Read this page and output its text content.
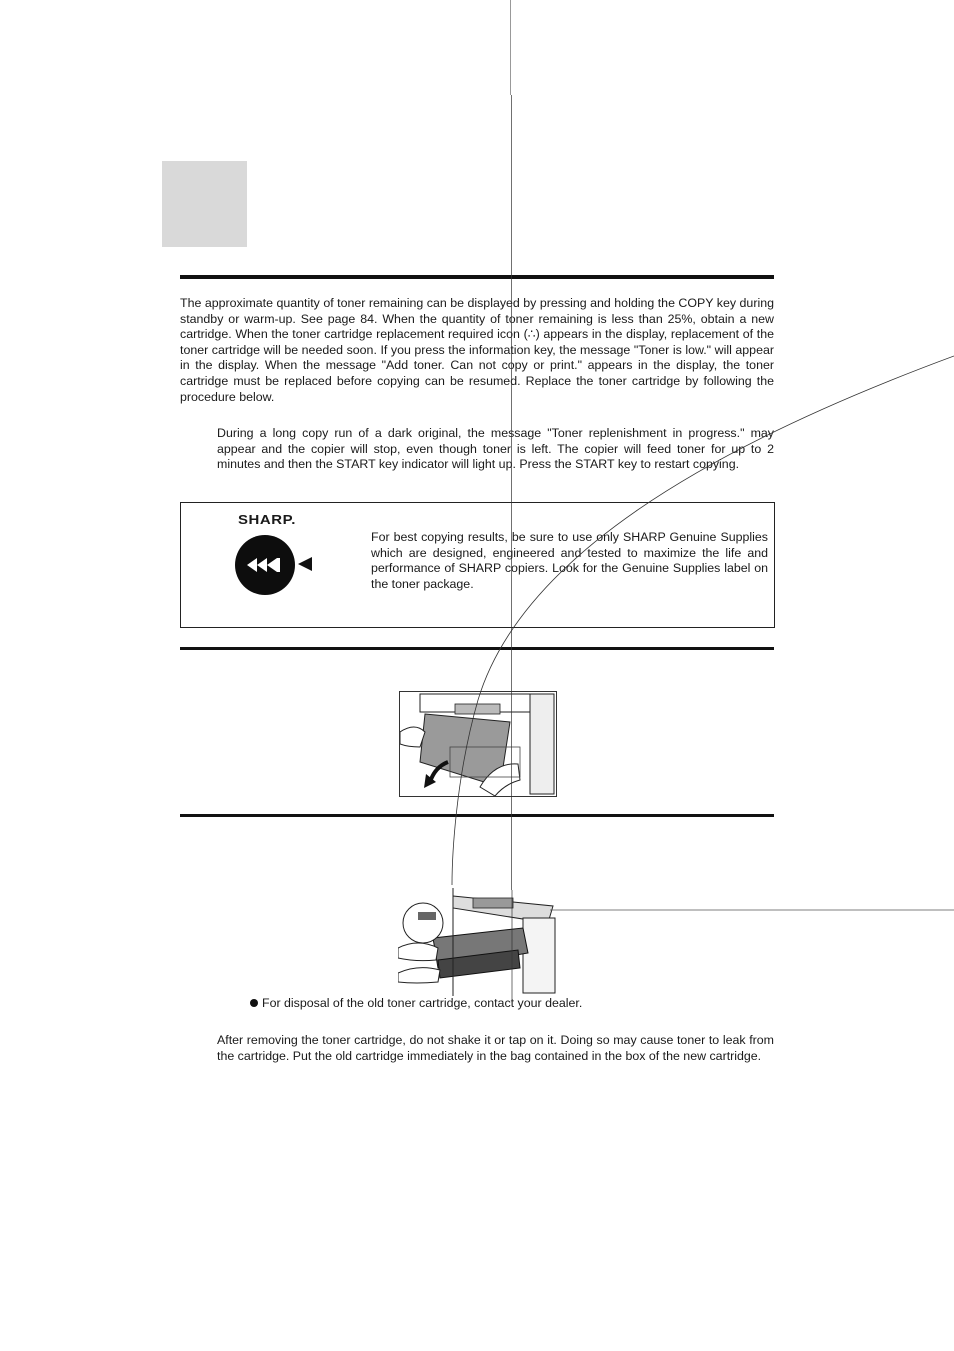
The approximate quantity of toner remaining can be displayed by pressing and holding the COPY key during standby or warm-up. See page 84. When the quantity of toner remaining is less than 25%, obtain a new cartridge. When the toner cartridge replacement required icon (∴) appears in the display, replacement of the toner cartridge will be needed soon. If you press the information key, the message "Toner is low." will appear in the display. When the message "Add toner. Can not copy or print." appears in the display, the toner cartridge must be replaced before copying can be resumed. Replace the toner cartridge by following the procedure below.

During a long copy run of a dark original, the message "Toner replenishment in progress." may appear and the copier will stop, even though toner is left. The copier will feed toner for up to 2 minutes and then the START key indicator will light up. Press the START key to restart copying.

SHARP.

For best copying results, be sure to use only SHARP Genuine Supplies which are designed, engineered and tested to maximize the life and performance of SHARP copiers. Look for the Genuine Supplies label on the toner package.

For disposal of the old toner cartridge, contact your dealer.

After removing the toner cartridge, do not shake it or tap on it. Doing so may cause toner to leak from the cartridge. Put the old cartridge immediately in the bag contained in the box of the new cartridge.
